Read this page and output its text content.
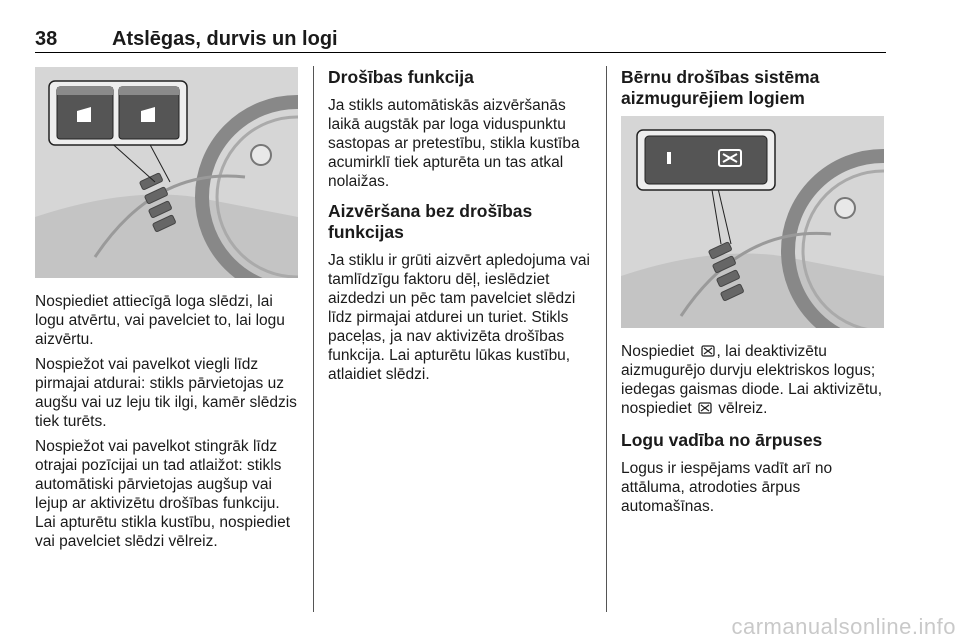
38	Atslēgas, durvis un logi

Nospiediet attiecīgā loga slēdzi, lai logu atvērtu, vai pavelciet to, lai logu aizvērtu.

Nospiežot vai pavelkot viegli līdz pirmajai atdurai: stikls pārvietojas uz augšu vai uz leju tik ilgi, kamēr slēdzis tiek turēts.

Nospiežot vai pavelkot stingrāk līdz otrajai pozīcijai un tad atlaižot: stikls automātiski pārvietojas augšup vai lejup ar aktivizētu drošības funkciju. Lai apturētu stikla kustību, nospiediet vai pavelciet slēdzi vēlreiz.

Drošības funkcija

Ja stikls automātiskās aizvēršanās laikā augstāk par loga viduspunktu sastopas ar pretestību, stikla kustība acumirklī tiek apturēta un tas atkal nolaižas.

Aizvēršana bez drošības funkcijas

Ja stiklu ir grūti aizvērt apledojuma vai tamlīdzīgu faktoru dēļ, ieslēdziet aizdedzi un pēc tam pavelciet slēdzi līdz pirmajai atdurei un turiet. Stikls paceļas, ja nav aktivizēta drošības funkcija. Lai apturētu lūkas kustību, atlaidiet slēdzi.

Bērnu drošības sistēma aizmugurējiem logiem

Nospiediet , lai deaktivizētu aizmugurējo durvju elektriskos logus; iedegas gaismas diode. Lai aktivizētu, nospiediet  vēlreiz.

Logu vadība no ārpuses

Logus ir iespējams vadīt arī no attāluma, atrodoties ārpus automašīnas.

carmanualsonline.info
